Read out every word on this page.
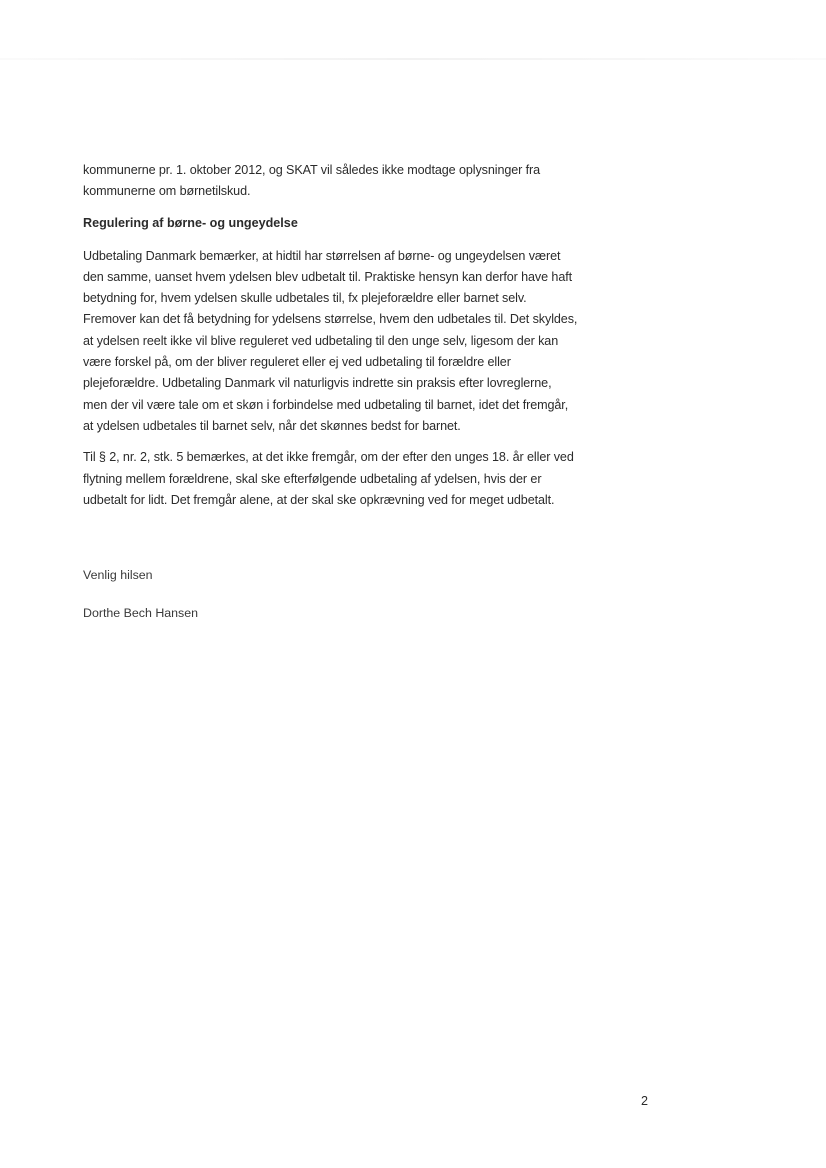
kommunerne pr. 1. oktober 2012, og SKAT vil således ikke modtage oplysninger fra
kommunerne om børnetilskud.

Regulering af børne- og ungeydelse

Udbetaling Danmark bemærker, at hidtil har størrelsen af børne- og ungeydelsen været
den samme, uanset hvem ydelsen blev udbetalt til. Praktiske hensyn kan derfor have haft
betydning for, hvem ydelsen skulle udbetales til, fx plejeforældre eller barnet selv.
Fremover kan det få betydning for ydelsens størrelse, hvem den udbetales til. Det skyldes,
at ydelsen reelt ikke vil blive reguleret ved udbetaling til den unge selv, ligesom der kan
være forskel på, om der bliver reguleret eller ej ved udbetaling til forældre eller
plejeforældre. Udbetaling Danmark vil naturligvis indrette sin praksis efter lovreglerne,
men der vil være tale om et skøn i forbindelse med udbetaling til barnet, idet det fremgår,
at ydelsen udbetales til barnet selv, når det skønnes bedst for barnet.

Til § 2, nr. 2, stk. 5 bemærkes, at det ikke fremgår, om der efter den unges 18. år eller ved
flytning mellem forældrene, skal ske efterfølgende udbetaling af ydelsen, hvis der er
udbetalt for lidt. Det fremgår alene, at der skal ske opkrævning ved for meget udbetalt.

Venlig hilsen
Dorthe Bech Hansen
2
